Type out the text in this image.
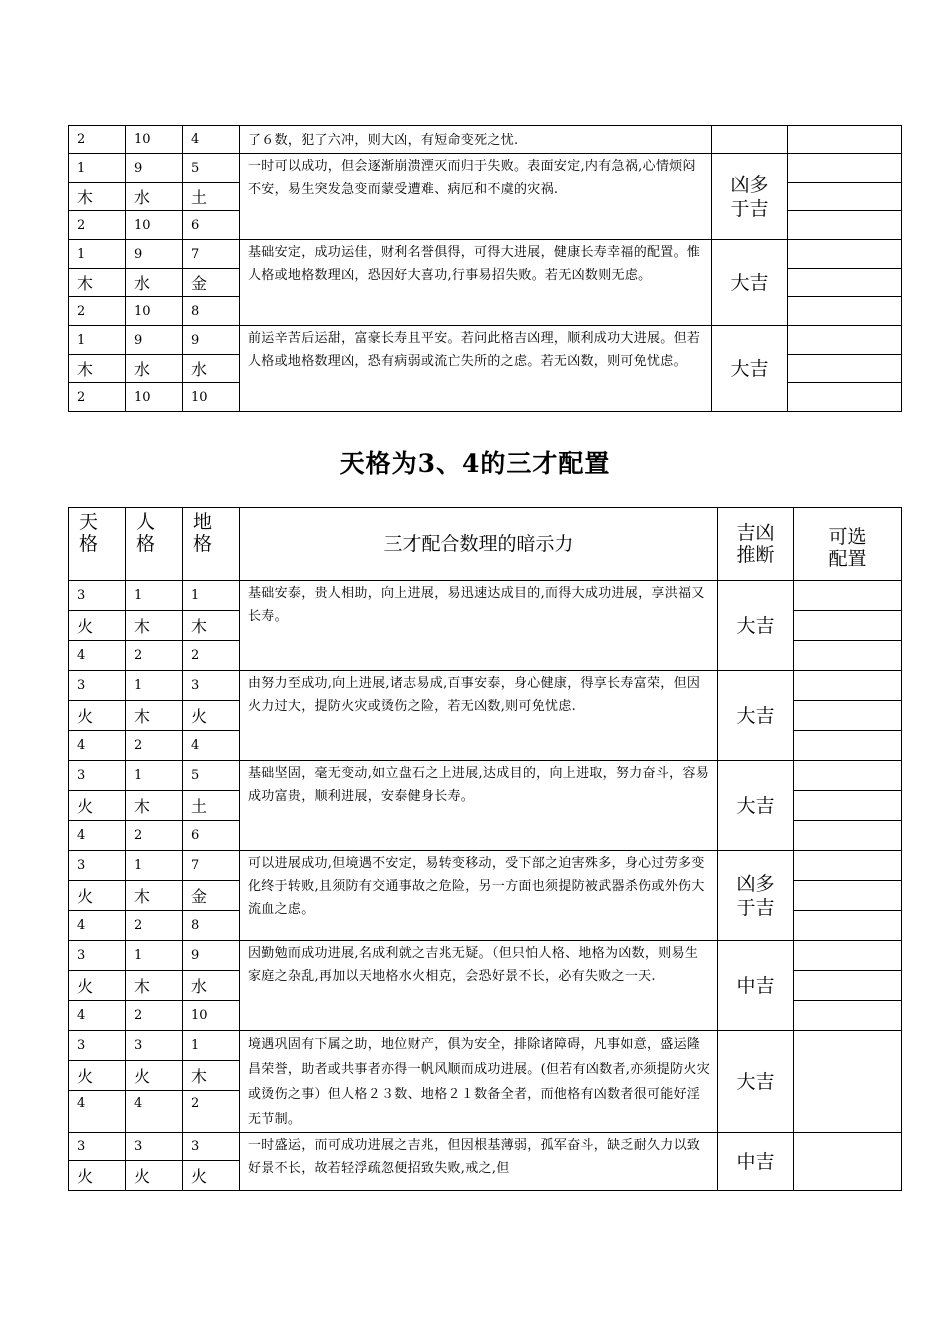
2	10	4	了６数，犯了六冲，则大凶，有短命变死之忧.		
1	9	5	一时可以成功，但会逐渐崩溃湮灭而归于失败。表面安定,内有急祸,心情烦闷不安，易生突发急变而蒙受遭难、病厄和不虞的灾祸.	凶多于吉	

木	水	土			
2	10	6			
1	9	7	基础安定，成功运佳，财利名誉俱得，可得大进展，健康长寿幸福的配置。惟人格或地格数理凶，恐因好大喜功,行事易招失败。若无凶数则无虑。	大吉	
木	水	金			
2	10	8			
1	9	9	前运辛苦后运甜，富豪长寿且平安。若问此格吉凶理，顺利成功大进展。但若人格或地格数理凶，恐有病弱或流亡失所的之虑。若无凶数，则可免忧虑。	大吉	
木	水	水			
2	10	10			
天格为3、4的三才配置
天格	人格	地格	三才配合数理的暗示力	吉凶推断	可选配置

3	1	1	基础安泰，贵人相助，向上进展，易迅速达成目的,而得大成功进展，享洪福又长寿。	大吉	
火	木	木			
4	2	2			
3	1	3	由努力至成功,向上进展,诸志易成,百事安泰，身心健康，得享长寿富荣，但因火力过大，提防火灾或烫伤之险，若无凶数,则可免忧虑.	大吉	
火	木	火			
4	2	4			
3	1	5	基础坚固，毫无变动,如立盘石之上进展,达成目的，向上进取，努力奋斗，容易成功富贵，顺利进展，安泰健身长寿。	大吉	
火	木	土			
4	2	6			
3	1	7	可以进展成功,但境遇不安定，易转变移动，受下部之迫害殊多，身心过劳多变化终于转败,且须防有交通事故之危险，另一方面也须提防被武器杀伤或外伤大流血之虑。	凶多于吉	

火	木	金			
4	2	8			
3	1	9	因勤勉而成功进展,名成利就之吉兆无疑。（但只怕人格、地格为凶数，则易生家庭之杂乱,再加以天地格水火相克，会恐好景不长，必有失败之一天.	中吉	
火	木	水			
4	2	10			
3	3	1	境遇巩固有下属之助，地位财产，俱为安全，排除诸障碍，凡事如意，盛运隆昌荣誉，助者或共事者亦得一帆风顺而成功进展。(但若有凶数者,亦须提防火灾或烫伤之事）但人格２３数、地格２１数备全者，而他格有凶数者很可能好淫无节制。	大吉	
火	火	木			
4	4	2			
3	3	3	一时盛运，而可成功进展之吉兆，但因根基薄弱，孤军奋斗，缺乏耐久力以致好景不长，故若轻浮疏忽便招致失败,戒之,但	中吉	
火	火	火			
